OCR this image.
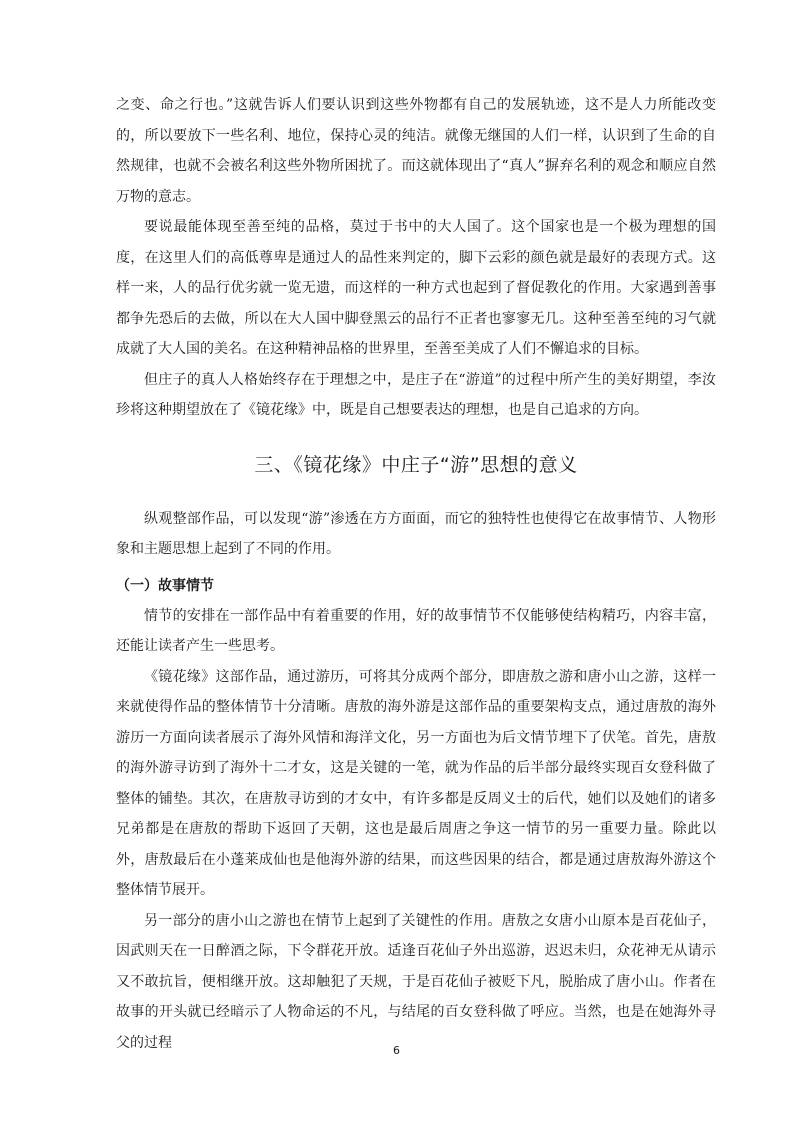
之变、命之行也。”这就告诉人们要认识到这些外物都有自己的发展轨迹，这不是人力所能改变的，所以要放下一些名利、地位，保持心灵的纯洁。就像无继国的人们一样，认识到了生命的自然规律，也就不会被名利这些外物所困扰了。而这就体现出了“真人”摒弃名利的观念和顺应自然万物的意志。

要说最能体现至善至纯的品格，莫过于书中的大人国了。这个国家也是一个极为理想的国度，在这里人们的高低尊卑是通过人的品性来判定的，脚下云彩的颜色就是最好的表现方式。这样一来，人的品行优劣就一览无遗，而这样的一种方式也起到了督促教化的作用。大家遇到善事都争先恐后的去做，所以在大人国中脚登黑云的品行不正者也寥寥无几。这种至善至纯的习气就成就了大人国的美名。在这种精神品格的世界里，至善至美成了人们不懈追求的目标。

但庄子的真人人格始终存在于理想之中，是庄子在“游道”的过程中所产生的美好期望，李汝珍将这种期望放在了《镜花缘》中，既是自己想要表达的理想，也是自己追求的方向。

三、《镜花缘》中庄子“游”思想的意义

纵观整部作品，可以发现“游”渗透在方方面面，而它的独特性也使得它在故事情节、人物形象和主题思想上起到了不同的作用。

（一）故事情节

情节的安排在一部作品中有着重要的作用，好的故事情节不仅能够使结构精巧，内容丰富，还能让读者产生一些思考。

《镜花缘》这部作品，通过游历，可将其分成两个部分，即唐敖之游和唐小山之游，这样一来就使得作品的整体情节十分清晰。唐敖的海外游是这部作品的重要架构支点，通过唐敖的海外游历一方面向读者展示了海外风情和海洋文化，另一方面也为后文情节埋下了伏笔。首先，唐敖的海外游寻访到了海外十二才女，这是关键的一笔，就为作品的后半部分最终实现百女登科做了整体的铺垫。其次，在唐敖寻访到的才女中，有许多都是反周义士的后代，她们以及她们的诸多兄弟都是在唐敖的帮助下返回了天朝，这也是最后周唐之争这一情节的另一重要力量。除此以外，唐敖最后在小蓬莱成仙也是他海外游的结果，而这些因果的结合，都是通过唐敖海外游这个整体情节展开。

另一部分的唐小山之游也在情节上起到了关键性的作用。唐敖之女唐小山原本是百花仙子，因武则天在一日醉酒之际，下令群花开放。适逢百花仙子外出巡游，迟迟未归，众花神无从请示又不敢抗旨，便相继开放。这却触犯了天规，于是百花仙子被贬下凡，脱胎成了唐小山。作者在故事的开头就已经暗示了人物命运的不凡，与结尾的百女登科做了呼应。当然，也是在她海外寻父的过程	6
